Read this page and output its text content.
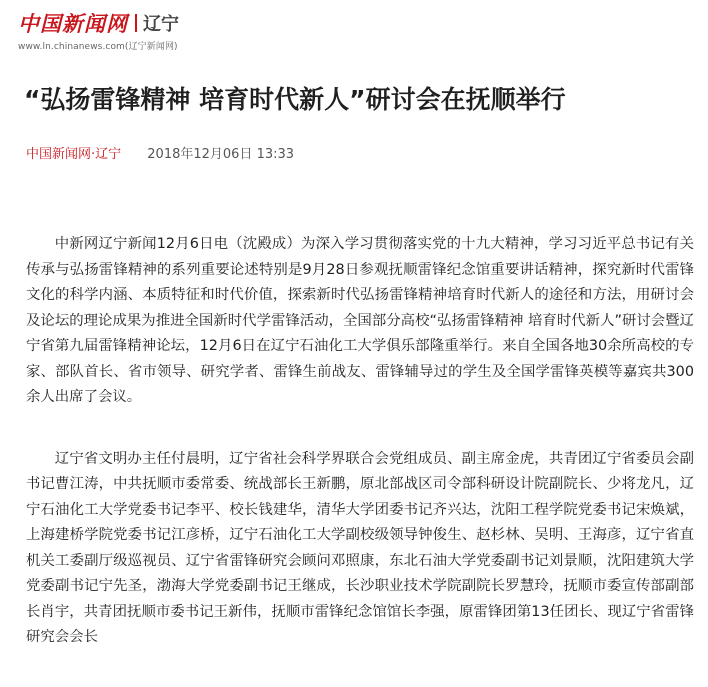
中国新闻网 辽宁
www.ln.chinanews.com(辽宁新闻网)
“弘扬雷锋精神 培育时代新人”研讨会在抚顺举行
中国新闻网·辽宁 2018年12月06日 13:33

中新网辽宁新闻12月6日电（沈殿成）为深入学习贯彻落实党的十九大精神，学习习近平总书记有关传承与弘扬雷锋精神的系列重要论述特别是9月28日参观抚顺雷锋纪念馆重要讲话精神，探究新时代雷锋文化的科学内涵、本质特征和时代价值，探索新时代弘扬雷锋精神培育时代新人的途径和方法，用研讨会及论坛的理论成果为推进全国新时代学雷锋活动，全国部分高校“弘扬雷锋精神 培育时代新人”研讨会暨辽宁省第九届雷锋精神论坛，12月6日在辽宁石油化工大学俱乐部隆重举行。来自全国各地30余所高校的专家、部队首长、省市领导、研究学者、雷锋生前战友、雷锋辅导过的学生及全国学雷锋英模等嘉宾共300余人出席了会议。

辽宁省文明办主任付晨明，辽宁省社会科学界联合会党组成员、副主席金虎，共青团辽宁省委员会副书记曹江涛，中共抚顺市委常委、统战部长王新鹏，原北部战区司令部科研设计院副院长、少将龙凡，辽宁石油化工大学党委书记李平、校长钱建华，清华大学团委书记齐兴达，沈阳工程学院党委书记宋焕斌，上海建桥学院党委书记江彦桥，辽宁石油化工大学副校级领导钟俊生、赵杉林、吴明、王海彦，辽宁省直机关工委副厅级巡视员、辽宁省雷锋研究会顾问邓照康，东北石油大学党委副书记刘景顺，沈阳建筑大学党委副书记宁先圣，渤海大学党委副书记王继成，长沙职业技术学院副院长罗慧玲，抚顺市委宣传部副部长肖宇，共青团抚顺市委书记王新伟，抚顺市雷锋纪念馆馆长李强，原雷锋团第13任团长、现辽宁省雷锋研究会会长
